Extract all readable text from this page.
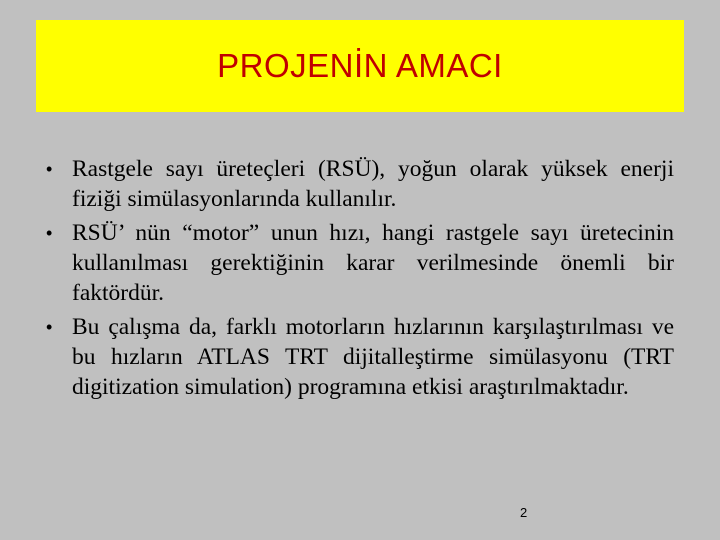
PROJENİN AMACI
• Rastgele sayı üreteçleri (RSÜ), yoğun olarak yüksek enerji fiziği simülasyonlarında kullanılır.
• RSÜ’ nün “motor” unun hızı, hangi rastgele sayı üretecinin kullanılması gerektiğinin karar verilmesinde önemli bir faktördür.
• Bu çalışma da, farklı motorların hızlarının karşılaştırılması ve bu hızların ATLAS TRT dijitalleştirme simülasyonu (TRT digitization simulation) programına etkisi araştırılmaktadır.
2
